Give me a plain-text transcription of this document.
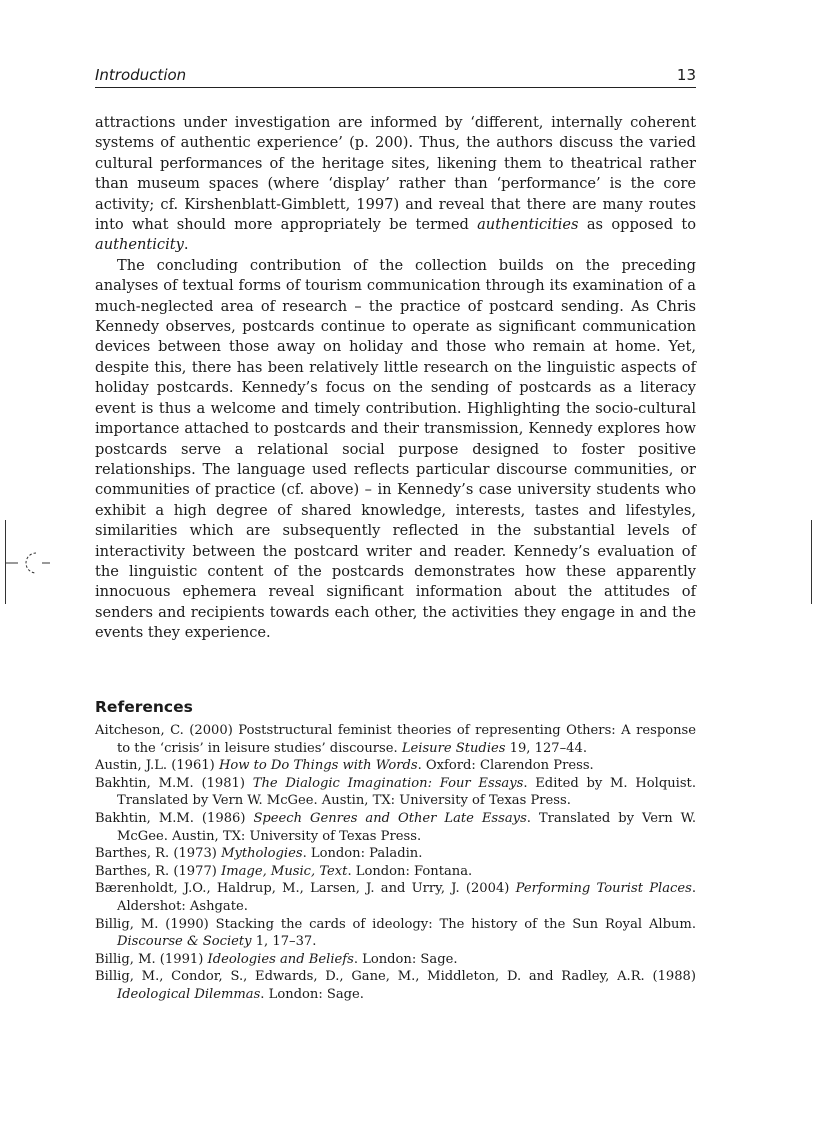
Introduction	13

attractions under investigation are informed by ‘different, internally coherent systems of authentic experience’ (p. 200). Thus, the authors discuss the varied cultural performances of the heritage sites, likening them to theatrical rather than museum spaces (where ‘display’ rather than ‘performance’ is the core activity; cf. Kirshenblatt-Gimblett, 1997) and reveal that there are many routes into what should more appropriately be termed authenticities as opposed to authenticity.

The concluding contribution of the collection builds on the preceding analyses of textual forms of tourism communication through its examination of a much-neglected area of research – the practice of postcard sending. As Chris Kennedy observes, postcards continue to operate as significant communication devices between those away on holiday and those who remain at home. Yet, despite this, there has been relatively little research on the linguistic aspects of holiday postcards. Kennedy’s focus on the sending of postcards as a literacy event is thus a welcome and timely contribution. Highlighting the socio-cultural importance attached to postcards and their transmission, Kennedy explores how postcards serve a relational social purpose designed to foster positive relationships. The language used reflects particular discourse communities, or communities of practice (cf. above) – in Kennedy’s case university students who exhibit a high degree of shared knowledge, interests, tastes and lifestyles, similarities which are subsequently reflected in the substantial levels of interactivity between the postcard writer and reader. Kennedy’s evaluation of the linguistic content of the postcards demonstrates how these apparently innocuous ephemera reveal significant information about the attitudes of senders and recipients towards each other, the activities they engage in and the events they experience.

References
Aitcheson, C. (2000) Poststructural feminist theories of representing Others: A response to the ‘crisis’ in leisure studies’ discourse. Leisure Studies 19, 127–44.
Austin, J.L. (1961) How to Do Things with Words. Oxford: Clarendon Press.
Bakhtin, M.M. (1981) The Dialogic Imagination: Four Essays. Edited by M. Holquist. Translated by Vern W. McGee. Austin, TX: University of Texas Press.
Bakhtin, M.M. (1986) Speech Genres and Other Late Essays. Translated by Vern W. McGee. Austin, TX: University of Texas Press.
Barthes, R. (1973) Mythologies. London: Paladin.
Barthes, R. (1977) Image, Music, Text. London: Fontana.
Bærenholdt, J.O., Haldrup, M., Larsen, J. and Urry, J. (2004) Performing Tourist Places. Aldershot: Ashgate.
Billig, M. (1990) Stacking the cards of ideology: The history of the Sun Royal Album. Discourse & Society 1, 17–37.
Billig, M. (1991) Ideologies and Beliefs. London: Sage.
Billig, M., Condor, S., Edwards, D., Gane, M., Middleton, D. and Radley, A.R. (1988) Ideological Dilemmas. London: Sage.
